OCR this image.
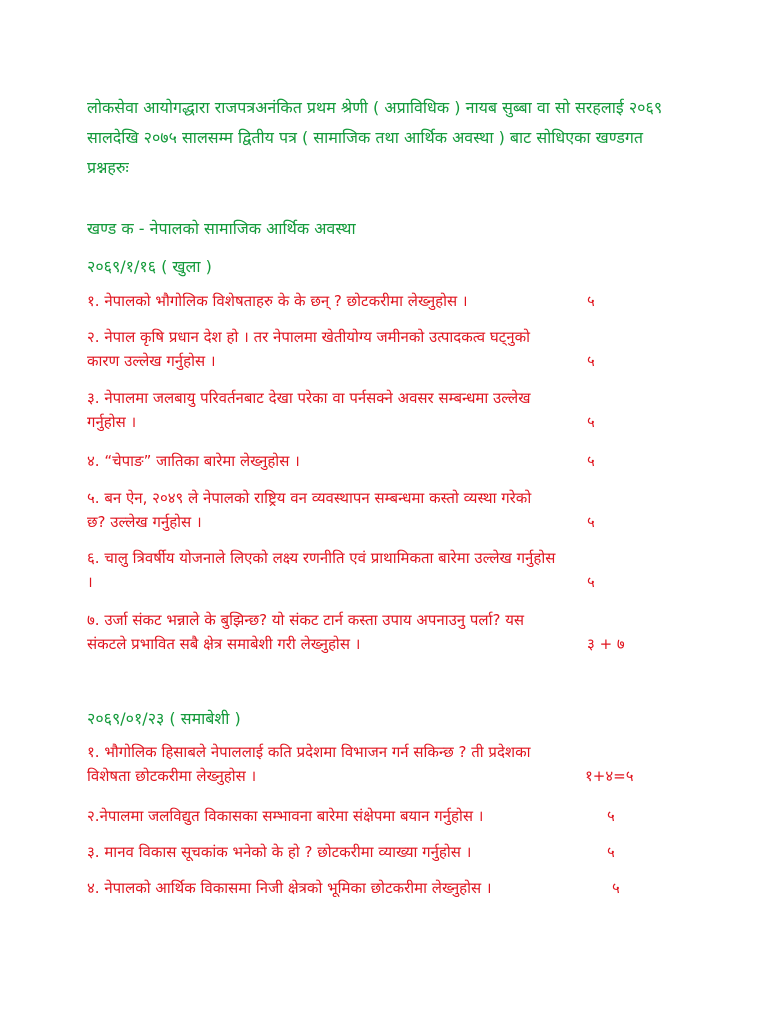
लोकसेवा आयोगद्धारा राजपत्रअनंकित प्रथम श्रेणी ( अप्राविधिक ) नायब सुब्बा वा सो सरहलाई २०६९ सालदेखि २०७५ सालसम्म द्वितीय पत्र ( सामाजिक तथा आर्थिक अवस्था ) बाट सोधिएका खण्डगत प्रश्नहरुः
खण्ड क - नेपालको सामाजिक आर्थिक अवस्था
२०६९/१/१६ ( खुला )
१. नेपालको भौगोलिक विशेषताहरु के के छन् ? छोटकरीमा लेख्नुहोस ।	५
२. नेपाल कृषि प्रधान देश हो । तर नेपालमा खेतीयोग्य जमीनको उत्पादकत्व घट्नुको
कारण उल्लेख गर्नुहोस ।	५
३. नेपालमा जलबायु परिवर्तनबाट देखा परेका वा पर्नसक्ने अवसर सम्बन्धमा उल्लेख
गर्नुहोस ।	५
४. “चेपाङ” जातिका बारेमा लेख्नुहोस ।	५
५. बन ऐन, २०४९ ले नेपालको राष्ट्रिय वन व्यवस्थापन सम्बन्धमा कस्तो व्यस्था गरेको
छ? उल्लेख गर्नुहोस ।	५
६. चालु त्रिवर्षीय योजनाले लिएको लक्ष्य रणनीति एवं प्राथामिकता बारेमा उल्लेख गर्नुहोस
।	५
७. उर्जा संकट भन्नाले के बुझिन्छ? यो संकट टार्न कस्ता उपाय अपनाउनु पर्ला? यस
संकटले प्रभावित सबै क्षेत्र समाबेशी गरी लेख्नुहोस ।	३ + ७
२०६९/०१/२३ ( समाबेशी )
१. भौगोलिक हिसाबले नेपाललाई कति प्रदेशमा विभाजन गर्न सकिन्छ ? ती प्रदेशका
विशेषता छोटकरीमा लेख्नुहोस ।	१+४=५
२.नेपालमा जलविद्युत विकासका सम्भावना बारेमा संक्षेपमा बयान गर्नुहोस ।	५
३. मानव विकास सूचकांक भनेको के हो ? छोटकरीमा व्याख्या गर्नुहोस ।	५
४. नेपालको आर्थिक विकासमा निजी क्षेत्रको भूमिका छोटकरीमा लेख्नुहोस ।	५
